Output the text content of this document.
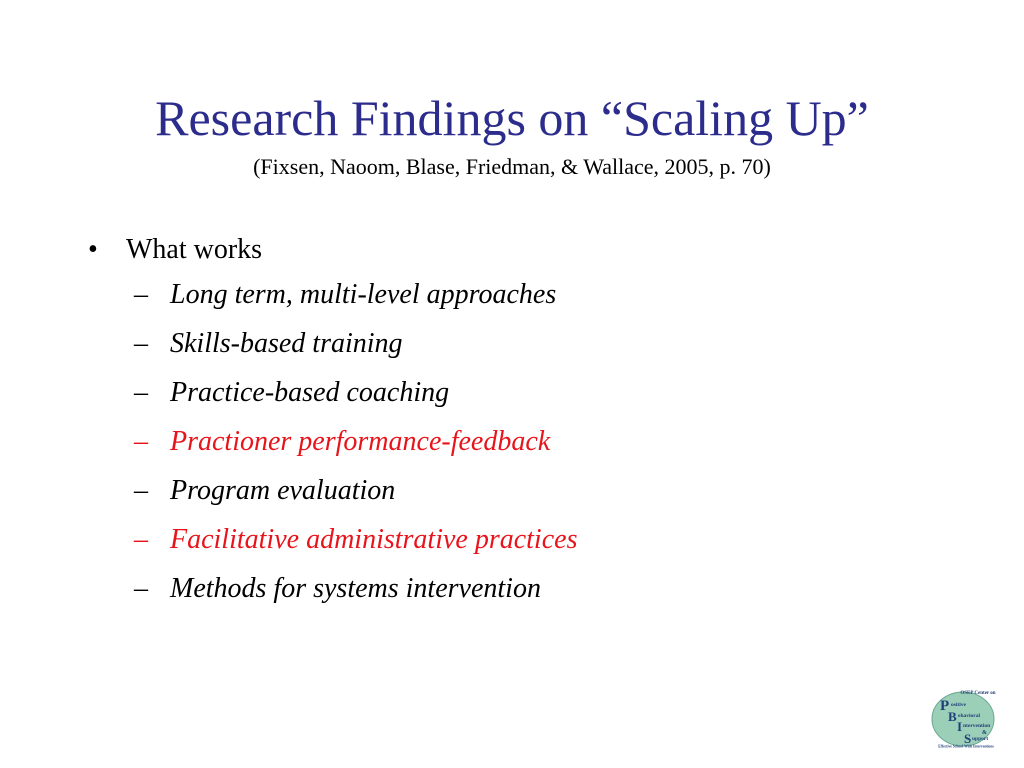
Research Findings on “Scaling Up”
(Fixsen, Naoom, Blase, Friedman, & Wallace, 2005, p. 70)
•	What works
– Long term, multi-level approaches
– Skills-based training
– Practice-based coaching
– Practioner performance-feedback
– Program evaluation
– Facilitative administrative practices
– Methods for systems intervention
OSEP Center on
P ositive
B ehavioral
I ntervention
&
S upport
Effective School-Wide Interventions
